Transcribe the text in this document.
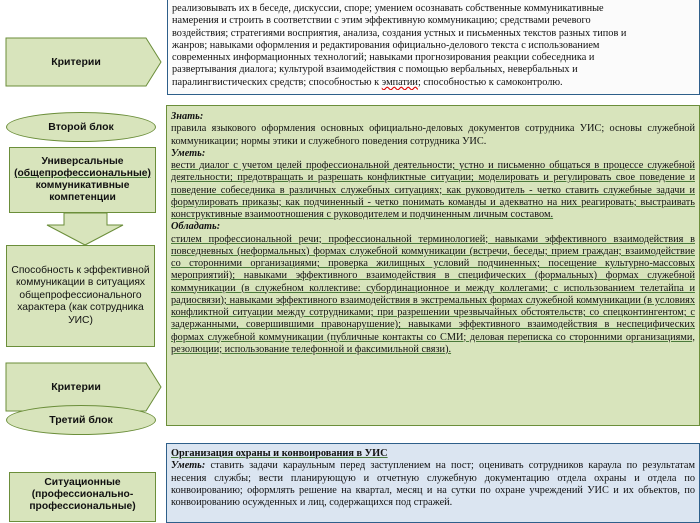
реализовывать их в беседе, дискуссии, споре; умением осознавать собственные коммуникативные
намерения и строить в соответствии с этим эффективную коммуникацию; средствами речевого
воздействия; стратегиями восприятия, анализа, создания устных и письменных текстов разных типов и
жанров; навыками оформления и редактирования официально-делового текста с использованием
современных информационных технологий; навыками прогнозирования реакции собеседника и
развертывания диалога; культурой взаимодействия с помощью вербальных, невербальных и
паралингвистических средств; способностью к эмпатии; способностью к самоконтролю.
Критерии
Второй блок
Знать:
правила языкового оформления основных официально-деловых документов сотрудника УИС; основы служебной коммуникации; нормы этики и служебного поведения сотрудника УИС.
Уметь:
вести диалог с учетом целей профессиональной деятельности; устно и письменно общаться в процессе служебной деятельности; предотвращать и разрешать конфликтные ситуации; моделировать и регулировать свое поведение и поведение собеседника в различных служебных ситуациях; как руководитель - четко ставить служебные задачи и формулировать приказы; как подчиненный - четко понимать команды и адекватно на них реагировать; выстраивать конструктивные взаимоотношения с руководителем и подчиненным личным составом.
Обладать:
стилем профессиональной речи; профессиональной терминологией; навыками эффективного взаимодействия в повседневных (неформальных) формах служебной коммуникации (встречи, беседы; прием граждан; взаимодействие со сторонними организациями; проверка жилищных условий подчиненных; посещение культурно-массовых мероприятий); навыками эффективного взаимодействия в специфических (формальных) формах служебной коммуникации (в служебном коллективе: субординационное и между коллегами; с использованием телетайпа и радиосвязи); навыками эффективного взаимодействия в экстремальных формах служебной коммуникации (в условиях конфликтной ситуации между сотрудниками; при разрешении чрезвычайных обстоятельств; со спецконтингентом; с задержанными, совершившими правонарушение); навыками эффективного взаимодействия в неспецифических формах служебной коммуникации (публичные контакты со СМИ; деловая переписка со сторонними организациями, резолюции; использование телефонной и факсимильной связи).
Универсальные
(общепрофессиональные)
коммуникативные
компетенции
Способность к эффективной коммуникации в ситуациях общепрофессионального характера (как сотрудника УИС)
Критерии
Третий блок
Ситуационные
(профессионально-
профессиональные)
Организация охраны и конвоирования в УИС
Уметь: ставить задачи караульным перед заступлением на пост; оценивать сотрудников караула по результатам несения службы; вести планирующую и отчетную служебную документацию отдела охраны и отдела по конвоированию; оформлять решение на квартал, месяц и на сутки по охране учреждений УИС и их объектов, по конвоированию осужденных и лиц, содержащихся под стражей.
